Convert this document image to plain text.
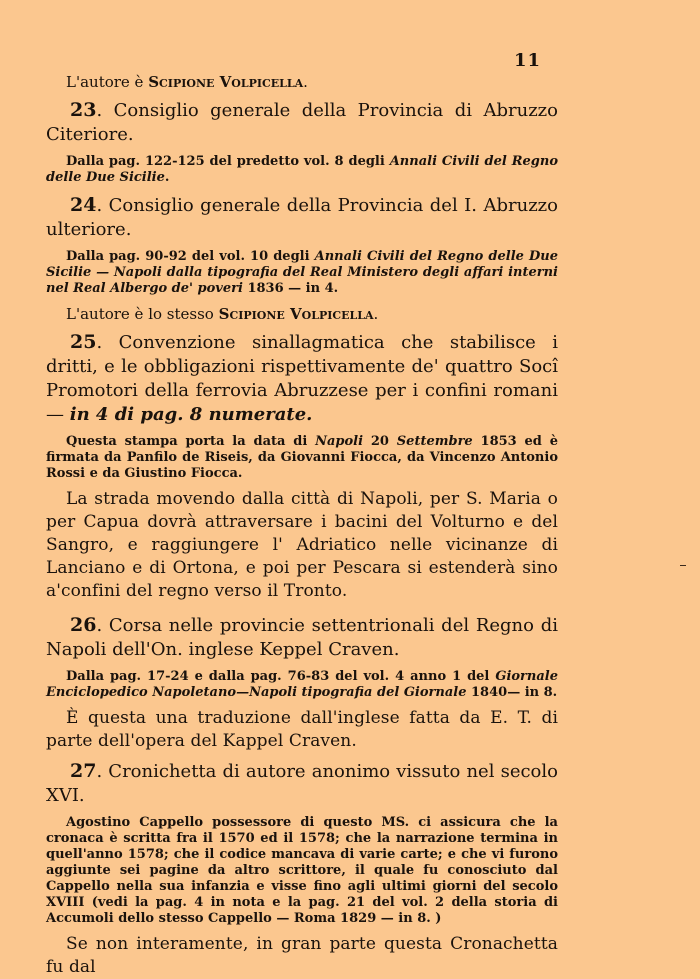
11

L'autore è Scipione Volpicella.

23. Consiglio generale della Provincia di Abruzzo Citeriore.

Dalla pag. 122-125 del predetto vol. 8 degli Annali Civili del Regno delle Due Sicilie.

24. Consiglio generale della Provincia del I. Abruzzo ulteriore.

Dalla pag. 90-92 del vol. 10 degli Annali Civili del Regno delle Due Sicilie — Napoli dalla tipografia del Real Ministero degli affari interni nel Real Albergo de' poveri 1836 — in 4.

L'autore è lo stesso Scipione Volpicella.

25. Convenzione sinallagmatica che stabilisce i dritti, e le obbligazioni rispettivamente de' quattro Socî Promotori della ferrovia Abruzzese per i confini romani — in 4 di pag. 8 numerate.

Questa stampa porta la data di Napoli 20 Settembre 1853 ed è firmata da Panfilo de Riseis, da Giovanni Fiocca, da Vincenzo Antonio Rossi e da Giustino Fiocca.

La strada movendo dalla città di Napoli, per S. Maria o per Capua dovrà attraversare i bacini del Volturno e del Sangro, e raggiungere l' Adriatico nelle vicinanze di Lanciano e di Ortona, e poi per Pescara si estenderà sino a'confini del regno verso il Tronto.

26. Corsa nelle provincie settentrionali del Regno di Napoli dell'On. inglese Keppel Craven.

Dalla pag. 17-24 e dalla pag. 76-83 del vol. 4 anno 1 del Giornale Enciclopedico Napoletano—Napoli tipografia del Giornale 1840— in 8.

È questa una traduzione dall'inglese fatta da E. T. di parte dell'opera del Kappel Craven.

27. Cronichetta di autore anonimo vissuto nel secolo XVI.

Agostino Cappello possessore di questo MS. ci assicura che la cronaca è scritta fra il 1570 ed il 1578; che la narrazione termina in quell'anno 1578; che il codice mancava di varie carte; e che vi furono aggiunte sei pagine da altro scrittore, il quale fu conosciuto dal Cappello nella sua infanzia e visse fino agli ultimi giorni del secolo XVIII (vedi la pag. 4 in nota e la pag. 21 del vol. 2 della storia di Accumoli dello stesso Cappello — Roma 1829 — in 8. )

Se non interamente, in gran parte questa Cronachetta fu dal
